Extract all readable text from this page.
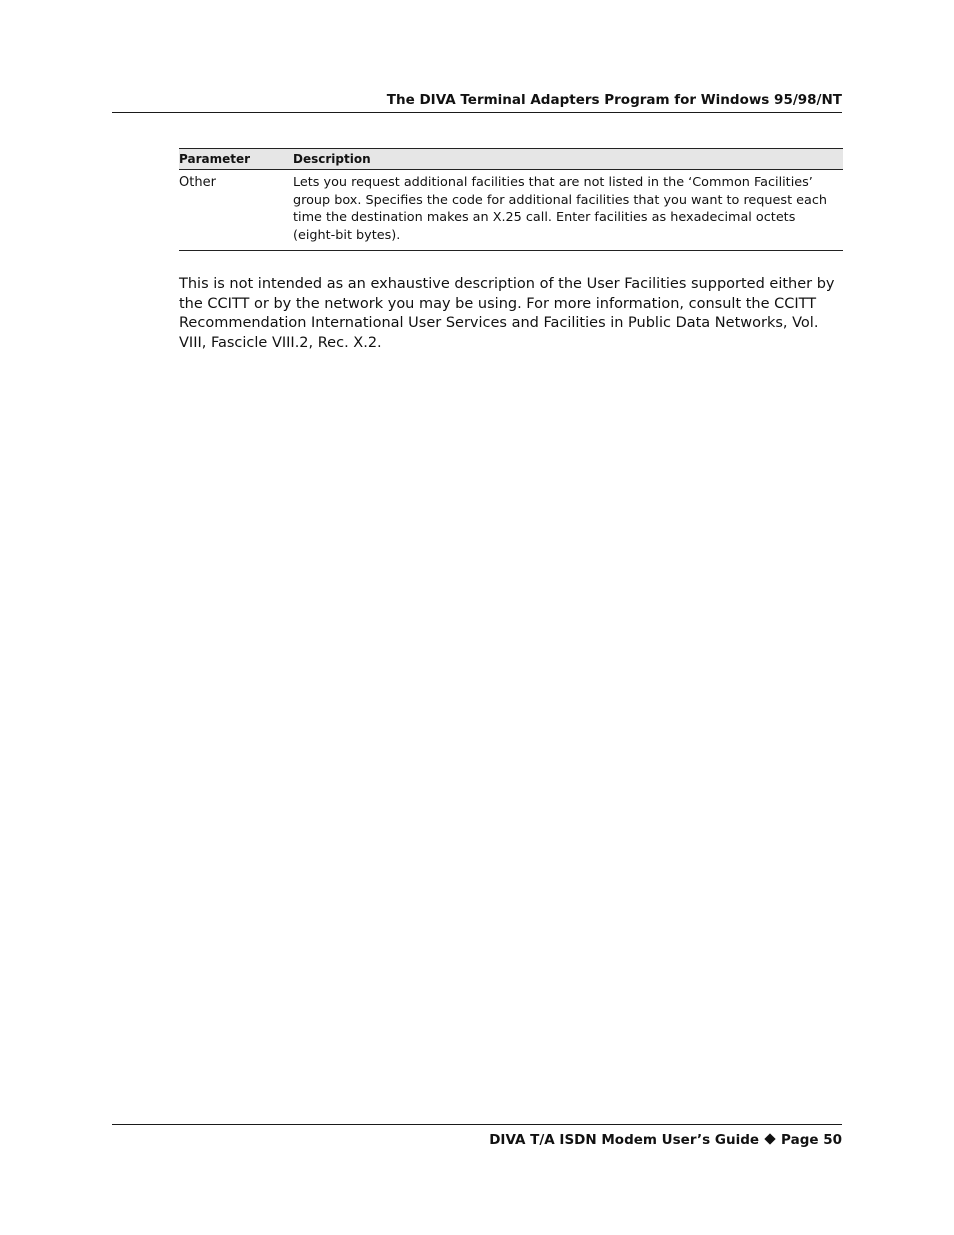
The DIVA Terminal Adapters Program for Windows 95/98/NT
Parameter	Description
Other	Lets you request additional facilities that are not listed in the ‘Common Facilities’ group box. Specifies the code for additional facilities that you want to request each time the destination makes an X.25 call. Enter facilities as hexadecimal octets (eight-bit bytes).

This is not intended as an exhaustive description of the User Facilities supported either by the CCITT or by the network you may be using. For more information, consult the CCITT Recommendation International User Services and Facilities in Public Data Networks, Vol. VIII, Fascicle VIII.2, Rec. X.2.

DIVA T/A ISDN Modem User’s Guide Page 50
